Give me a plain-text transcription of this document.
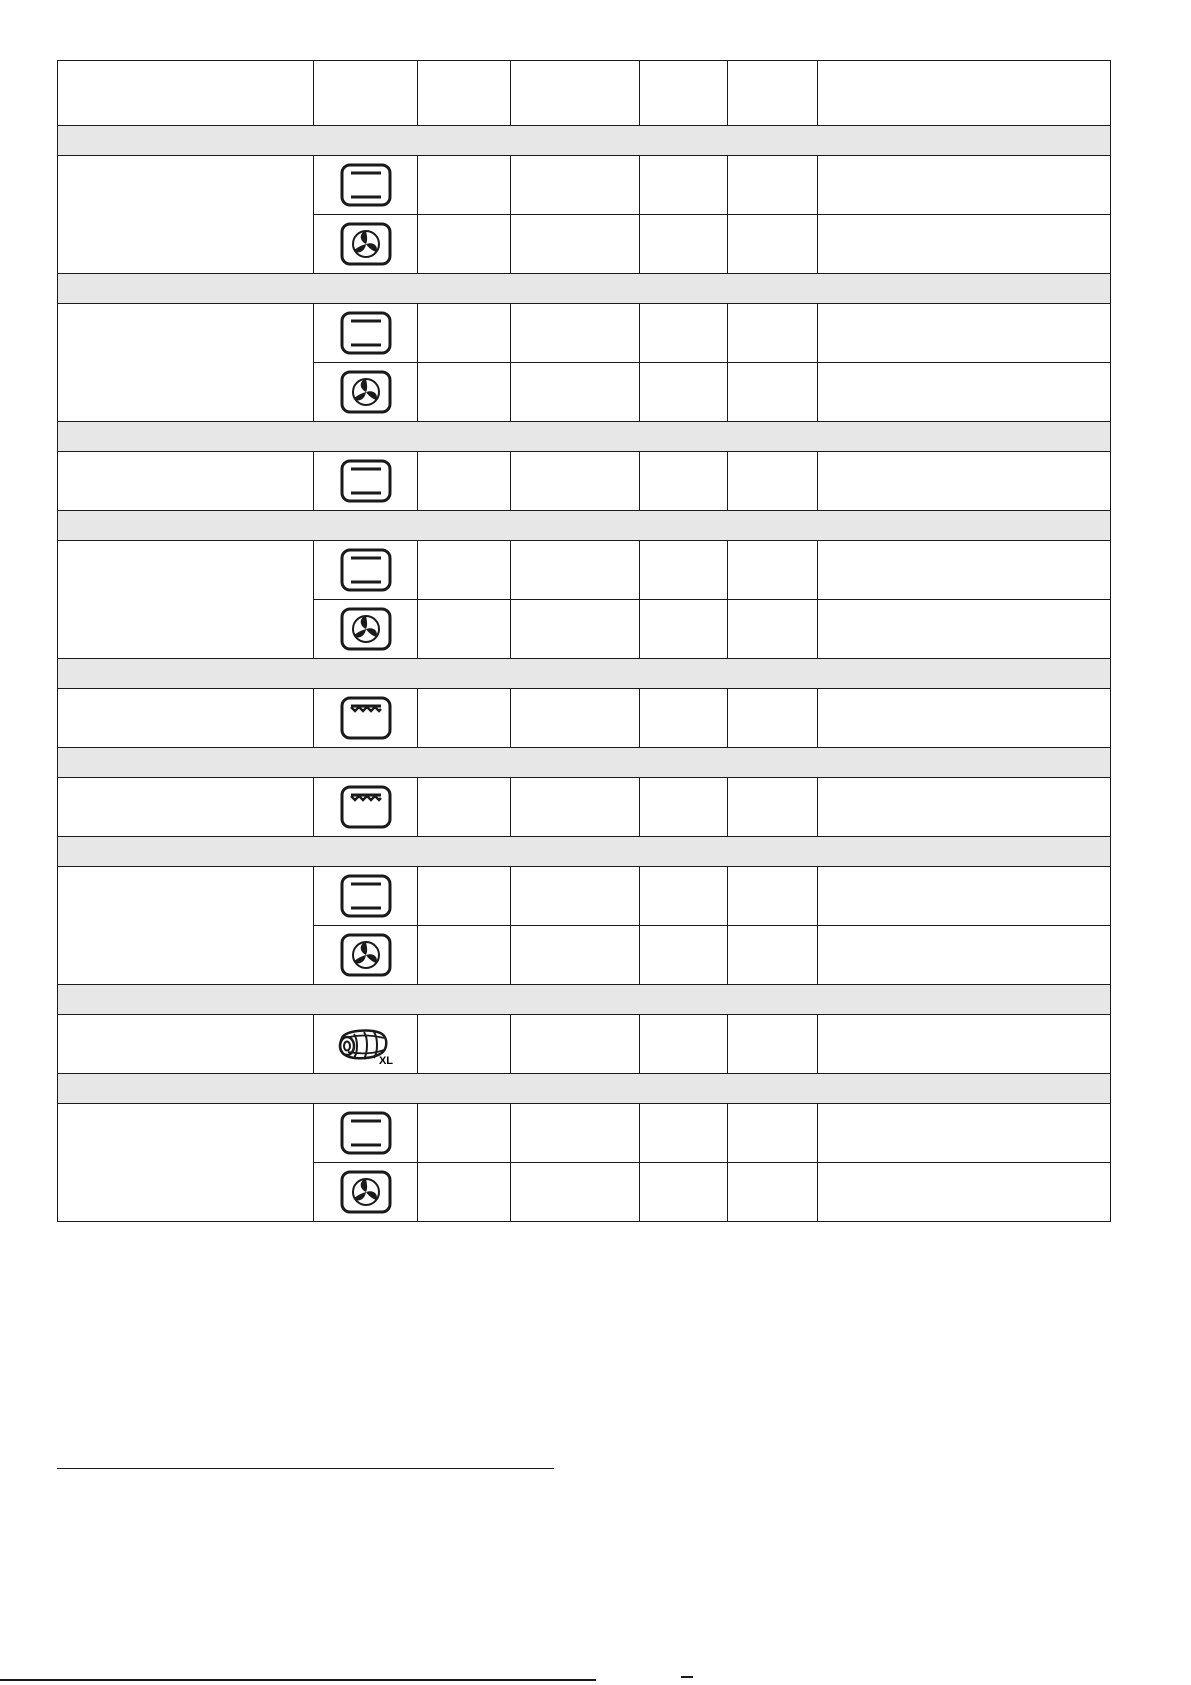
XL						
